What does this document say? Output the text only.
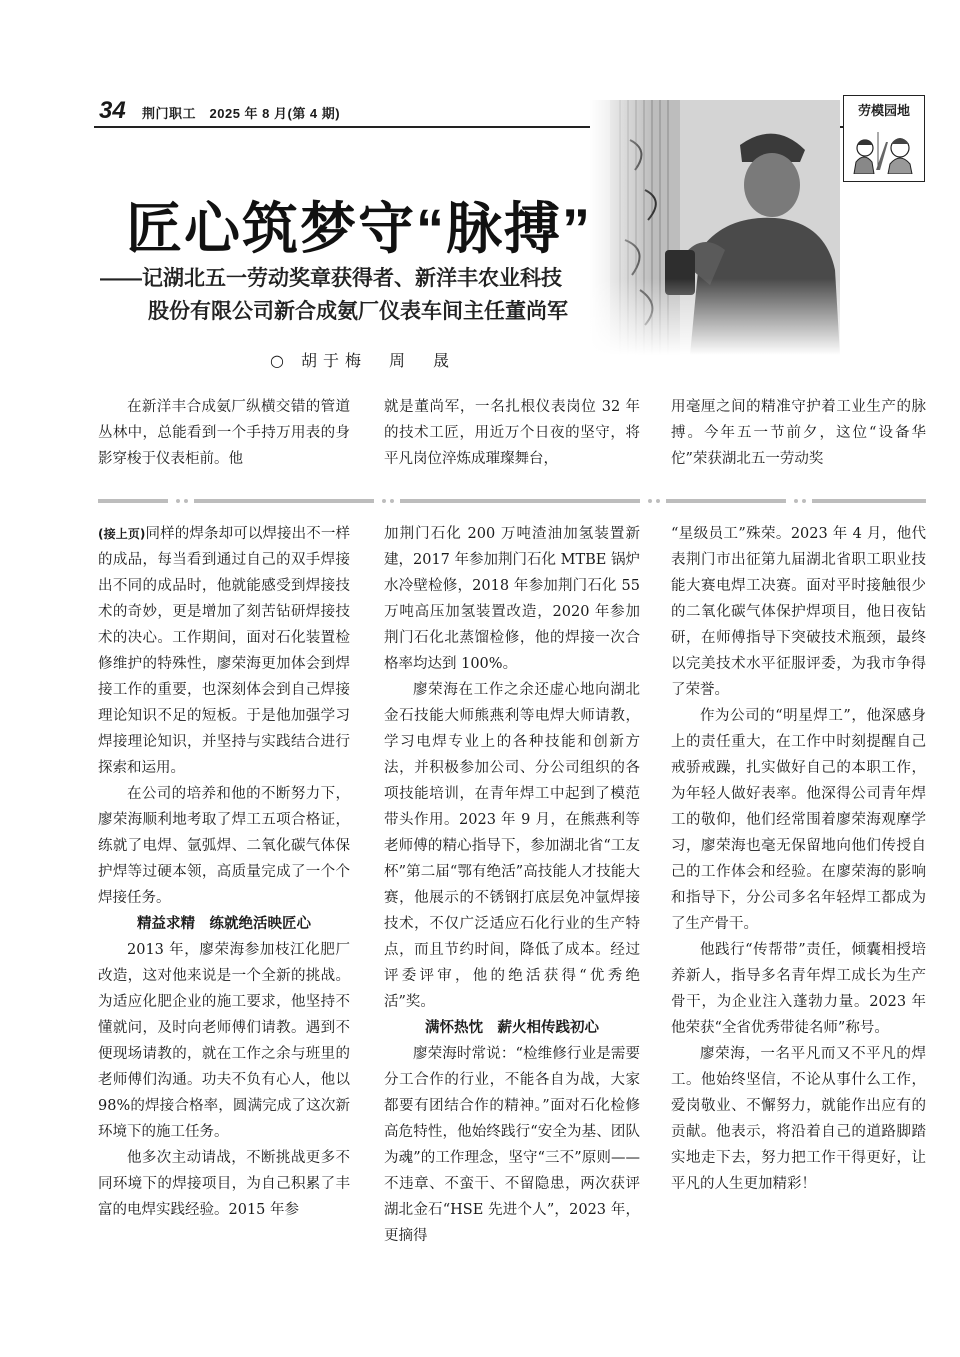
34 荆门职工　2025 年 8 月(第 4 期)	劳模园地
匠心筑梦守“脉搏”
——记湖北五一劳动奖章获得者、新洋丰农业科技
股份有限公司新合成氨厂仪表车间主任董尚军
○ 胡于梅　周　晟

在新洋丰合成氨厂纵横交错的管道丛林中，总能看到一个手持万用表的身影穿梭于仪表柜前。他

就是董尚军，一名扎根仪表岗位 32 年的技术工匠，用近万个日夜的坚守，将平凡岗位淬炼成璀璨舞台，

用毫厘之间的精准守护着工业生产的脉搏。今年五一节前夕，这位“设备华佗”荣获湖北五一劳动奖

(接上页)同样的焊条却可以焊接出不一样的成品，每当看到通过自己的双手焊接出不同的成品时，他就能感受到焊接技术的奇妙，更是增加了刻苦钻研焊接技术的决心。工作期间，面对石化装置检修维护的特殊性，廖荣海更加体会到焊接工作的重要，也深刻体会到自己焊接理论知识不足的短板。于是他加强学习焊接理论知识，并坚持与实践结合进行探索和运用。

在公司的培养和他的不断努力下，廖荣海顺利地考取了焊工五项合格证，练就了电焊、氩弧焊、二氧化碳气体保护焊等过硬本领，高质量完成了一个个焊接任务。

精益求精　练就绝活映匠心

2013 年，廖荣海参加枝江化肥厂改造，这对他来说是一个全新的挑战。为适应化肥企业的施工要求，他坚持不懂就问，及时向老师傅们请教。遇到不便现场请教的，就在工作之余与班里的老师傅们沟通。功夫不负有心人，他以 98%的焊接合格率，圆满完成了这次新环境下的施工任务。

他多次主动请战，不断挑战更多不同环境下的焊接项目，为自己积累了丰富的电焊实践经验。2015 年参

加荆门石化 200 万吨渣油加氢装置新建，2017 年参加荆门石化 MTBE 锅炉水冷壁检修，2018 年参加荆门石化 55 万吨高压加氢装置改造，2020 年参加荆门石化北蒸馏检修，他的焊接一次合格率均达到 100%。

廖荣海在工作之余还虚心地向湖北金石技能大师熊燕利等电焊大师请教，学习电焊专业上的各种技能和创新方法，并积极参加公司、分公司组织的各项技能培训，在青年焊工中起到了模范带头作用。2023 年 9 月，在熊燕利等老师傅的精心指导下，参加湖北省“工友杯”第二届“鄂有绝活”高技能人才技能大赛，他展示的不锈钢打底层免冲氩焊接技术，不仅广泛适应石化行业的生产特点，而且节约时间，降低了成本。经过评委评审，他的绝活获得“优秀绝活”奖。

满怀热忱　薪火相传践初心

廖荣海时常说：“检维修行业是需要分工合作的行业，不能各自为战，大家都要有团结合作的精神。”面对石化检修高危特性，他始终践行“安全为基、团队为魂”的工作理念，坚守“三不”原则——不违章、不蛮干、不留隐患，两次获评湖北金石“HSE 先进个人”，2023 年，更摘得

“星级员工”殊荣。2023 年 4 月，他代表荆门市出征第九届湖北省职工职业技能大赛电焊工决赛。面对平时接触很少的二氧化碳气体保护焊项目，他日夜钻研，在师傅指导下突破技术瓶颈，最终以完美技术水平征服评委，为我市争得了荣誉。

作为公司的“明星焊工”，他深感身上的责任重大，在工作中时刻提醒自己戒骄戒躁，扎实做好自己的本职工作，为年轻人做好表率。他深得公司青年焊工的敬仰，他们经常围着廖荣海观摩学习，廖荣海也毫无保留地向他们传授自己的工作体会和经验。在廖荣海的影响和指导下，分公司多名年轻焊工都成为了生产骨干。

他践行“传帮带”责任，倾囊相授培养新人，指导多名青年焊工成长为生产骨干，为企业注入蓬勃力量。2023 年他荣获“全省优秀带徒名师”称号。

廖荣海，一名平凡而又不平凡的焊工。他始终坚信，不论从事什么工作，爱岗敬业、不懈努力，就能作出应有的贡献。他表示，将沿着自己的道路脚踏实地走下去，努力把工作干得更好，让平凡的人生更加精彩！
